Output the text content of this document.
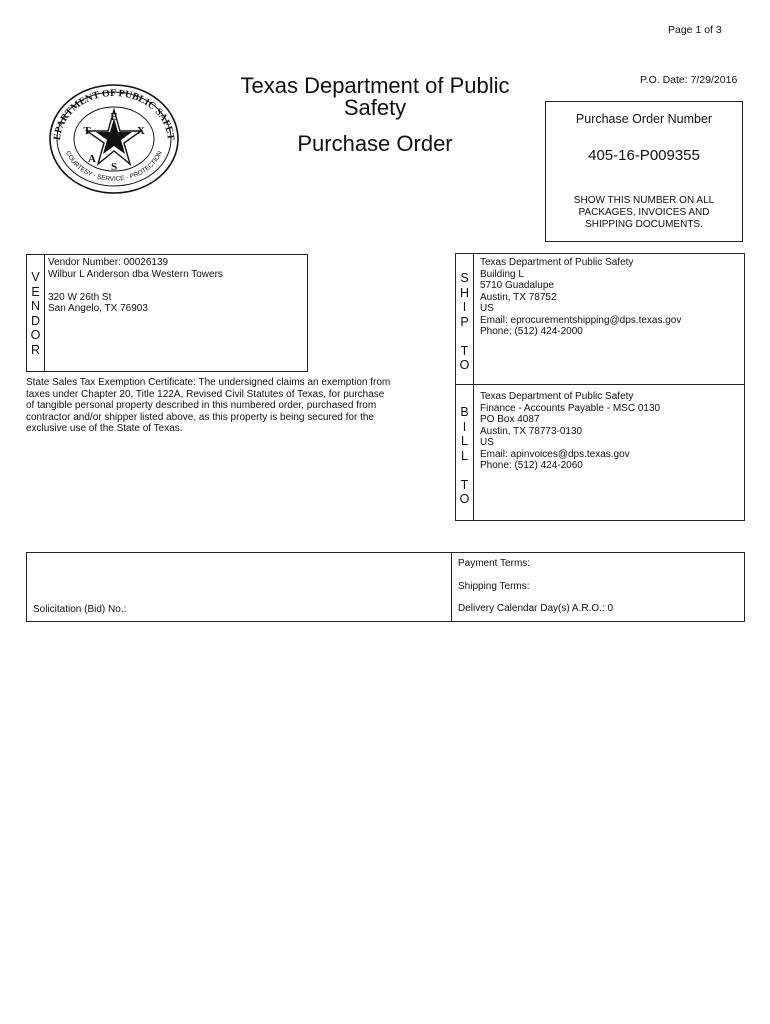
Page 1 of 3
P.O. Date: 7/29/2016
EPARTMENT OF PUBLIC SAFET
COURTESY · SERVICE · PROTECTION
E
T	X
A
S
Texas Department of Public
Safety
Purchase Order
Purchase Order Number
405-16-P009355
SHOW THIS NUMBER ON ALL PACKAGES, INVOICES AND SHIPPING DOCUMENTS.
V
E
N
D
O
R
Vendor Number: 00026139
Wilbur L Anderson dba Western Towers
320 W 26th St
San Angelo, TX 76903
State Sales Tax Exemption Certificate: The undersigned claims an exemption from
taxes under Chapter 20, Title 122A, Revised Civil Statutes of Texas, for purchase
of tangible personal property described in this numbered order, purchased from
contractor and/or shipper listed above, as this property is being secured for the
exclusive use of the State of Texas.
S
H
I
P
T
O
Texas Department of Public Safety
Building L
5710 Guadalupe
Austin, TX 78752
US
Email: eprocurementshipping@dps.texas.gov
Phone: (512) 424-2000
B
I
L
L
T
O
Texas Department of Public Safety
Finance - Accounts Payable - MSC 0130
PO Box 4087
Austin, TX 78773-0130
US
Email: apinvoices@dps.texas.gov
Phone: (512) 424-2060
Solicitation (Bid) No.:
Payment Terms:
Shipping Terms:
Delivery Calendar Day(s) A.R.O.: 0
